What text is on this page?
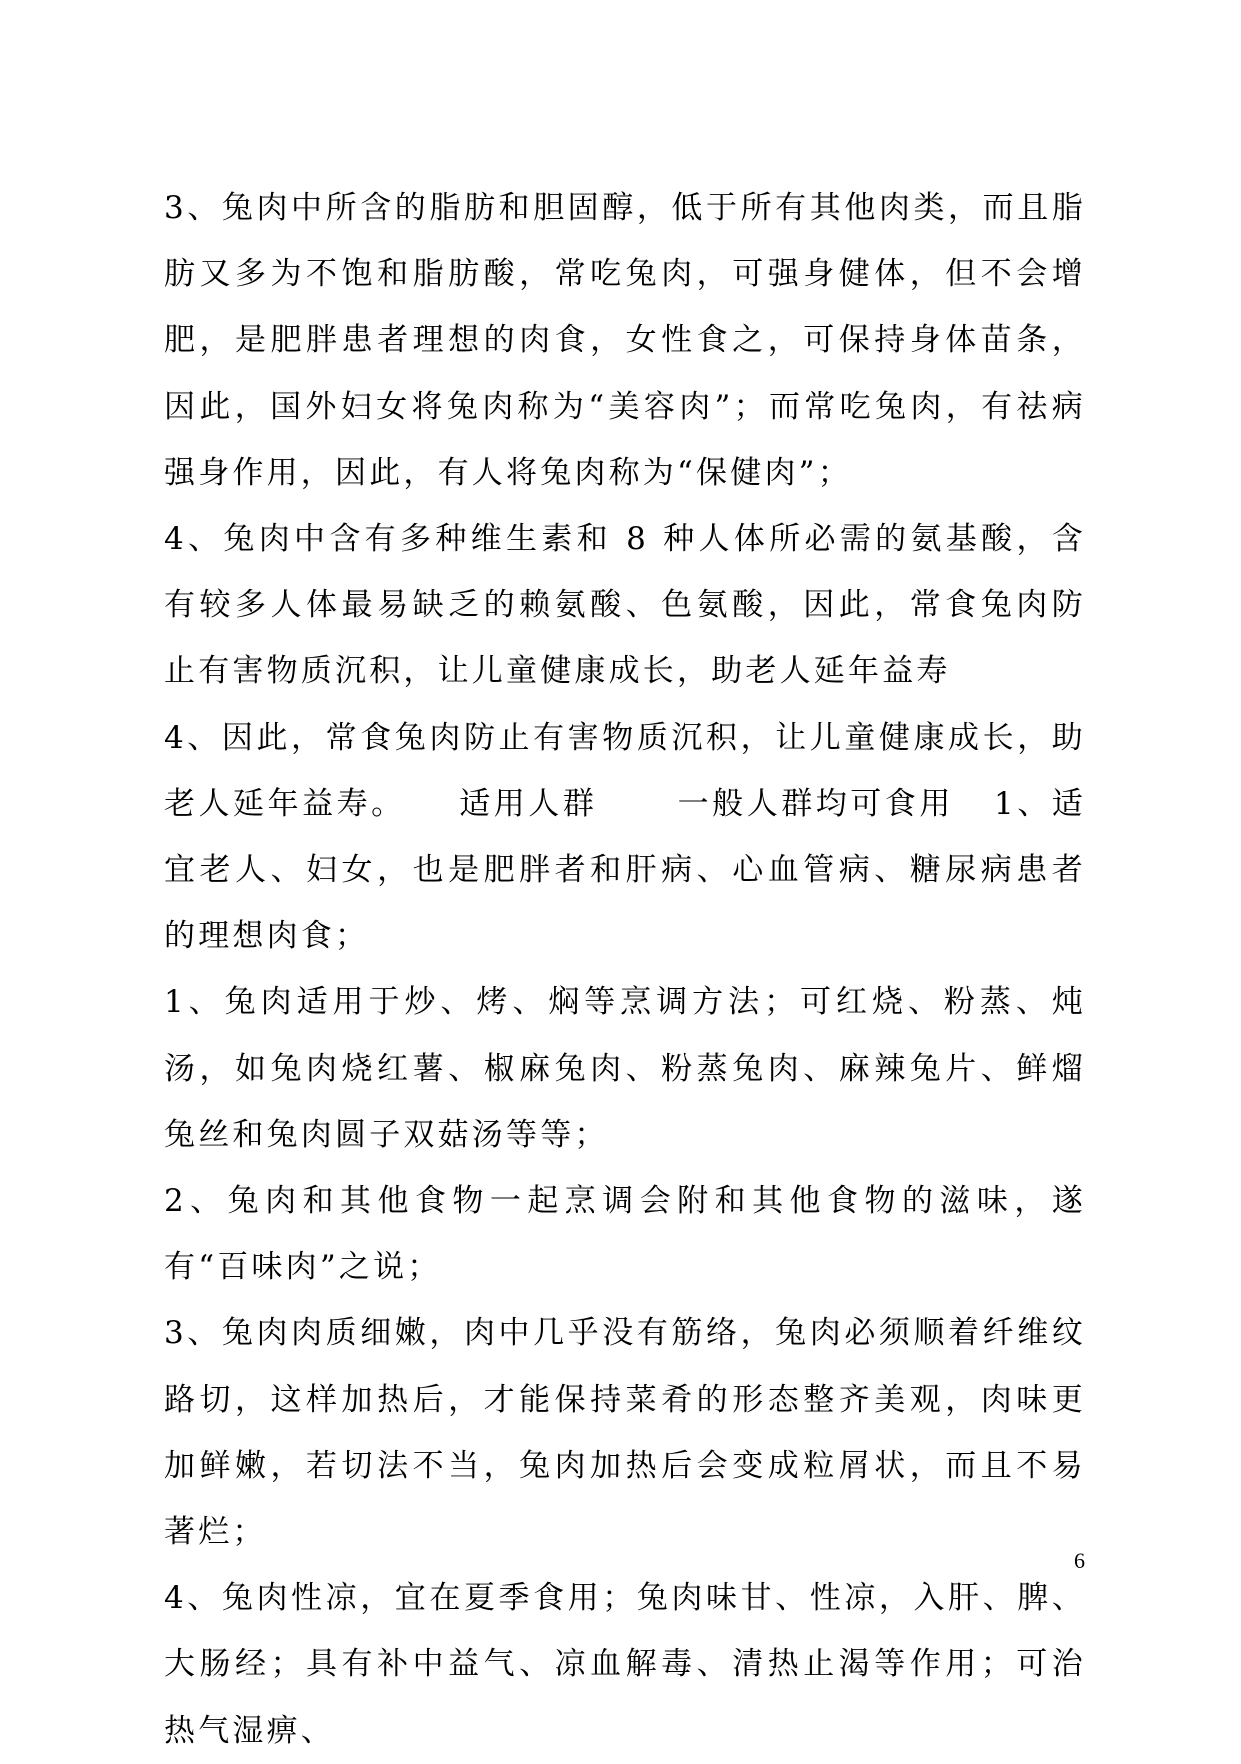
3、兔肉中所含的脂肪和胆固醇，低于所有其他肉类，而且脂肪又多为不饱和脂肪酸，常吃兔肉，可强身健体，但不会增肥，是肥胖患者理想的肉食，女性食之，可保持身体苗条，因此，国外妇女将兔肉称为“美容肉”；而常吃兔肉，有祛病强身作用，因此，有人将兔肉称为“保健肉”；

4、兔肉中含有多种维生素和 8 种人体所必需的氨基酸，含有较多人体最易缺乏的赖氨酸、色氨酸，因此，常食兔肉防止有害物质沉积，让儿童健康成长，助老人延年益寿

4、因此，常食兔肉防止有害物质沉积，让儿童健康成长，助老人延年益寿。    适用人群      一般人群均可食用   1、适宜老人、妇女，也是肥胖者和肝病、心血管病、糖尿病患者的理想肉食；

1、兔肉适用于炒、烤、焖等烹调方法；可红烧、粉蒸、炖汤，如兔肉烧红薯、椒麻兔肉、粉蒸兔肉、麻辣兔片、鲜熘兔丝和兔肉圆子双菇汤等等；

2、兔肉和其他食物一起烹调会附和其他食物的滋味，遂有“百味肉”之说；

3、兔肉肉质细嫩，肉中几乎没有筋络，兔肉必须顺着纤维纹路切，这样加热后，才能保持菜肴的形态整齐美观，肉味更加鲜嫩，若切法不当，兔肉加热后会变成粒屑状，而且不易著烂；

4、兔肉性凉，宜在夏季食用；兔肉味甘、性凉，入肝、脾、大肠经；具有补中益气、凉血解毒、清热止渴等作用；可治热气湿痹、

6
